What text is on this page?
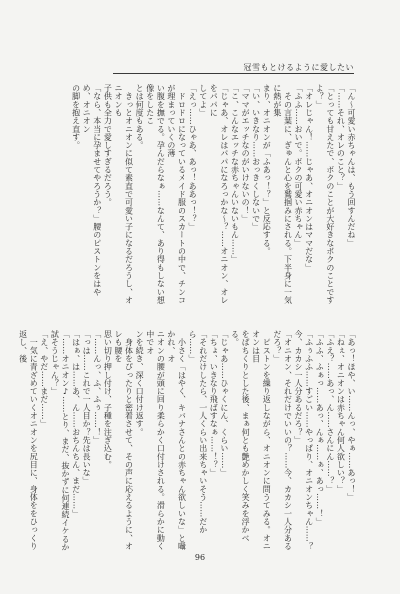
冠雪もとけるように愛したい
「ん〜可愛い赤ちゃんは、もう回すんだね」
「……それ、オレのこと？」
「とっても甘えたで、ボクのことが大好きなボクのことですよ？」
「オレじゃん！……じゃあ、オニオンはママだな」
「ふふ……おいで。ボクの可愛い赤ちゃん」
　その言葉に、ぎゅんと心を鷲掴みにされる。下半身に一気に熱が集
まり、オニオンが「ふあっ！？」と反応する。
「い、いきなり……おっきくしないで」
「ママがエッチなのがいけないの！」
「こ、こんなエッチな赤ちゃんいないもん……」
「じゃあ、オレはパパになろっかな〜？……オニオン、オレをパパに
してよ」
「えっ……ひゃあ、あっ！ああっ！？」
　ドロドロになっているメイド服のスカートの中で、チンコが理まっていくの薄
い腹を撫でる。孕んだらなぁ……なんて、あり得もしない想像をしたこ
とは何度もある。
　きっとオニオンに似て素直で可愛い子になるだろうし、オニオンも
子供も全力で愛しすぎるだろう。
「なら、本当に孕ませてやろうか？」腰のピストンをはやめ、オニオン
の脚を抱え直す。
「あっ！ほや、い……んっ、やぁ……あっ！」
「ねぇ、オニオンは赤ちゃん何人欲しい？」
「ふえ？……あっ、ん……さんにん……？」
「ふふ、ふぁっ……あっ、んぁ……ぁ、あっ……！」
「ふぅふふ……すごい……やっぱり、オニオンちゃん……？　今、カカシ一人分あるだろ？」
「オニオン、それだけでいいの？……今、カカシ一人分あるだろ？」
　ピストンを繰り返しながら、オニオンに問うてみる。オニオンは目
をぱちくりとした後、まぁ何とも艶めかしく笑みを浮かべる。
「じゃあ……ひゃくにん、くらい……」
「ちょ、いきなり飛ばすなぁ……！？」
「それだけしたら、一人くらい出来ちゃいそう……だから……」
　小さく「はやく、キバナさんとの赤ちゃん欲しいな」と囁かれ、オ
ニオンの腰が頭に回り柔らかく口付けされる。滑らかに動く中でオ
ンを続き、深く口付け返す。
　身体をぴったりと密着させて、その声に応えるように、オレも腰を
思い切り押し付け、子種を注ぎ込む。
「……んっ、ふ、ふぅ……！」
「っは……これで一人目か？先は長いな」
「はぁ、は……あ、ん……おちんちん、まだ……」
「……オニオン♪……とり、まだ、抜かずに何連続イケるか試そうじゃん？」
「え、やだ……まだ……」
　一気に青ざめていくオニオンを尻目に、身体ををひっくり返し、後
96
